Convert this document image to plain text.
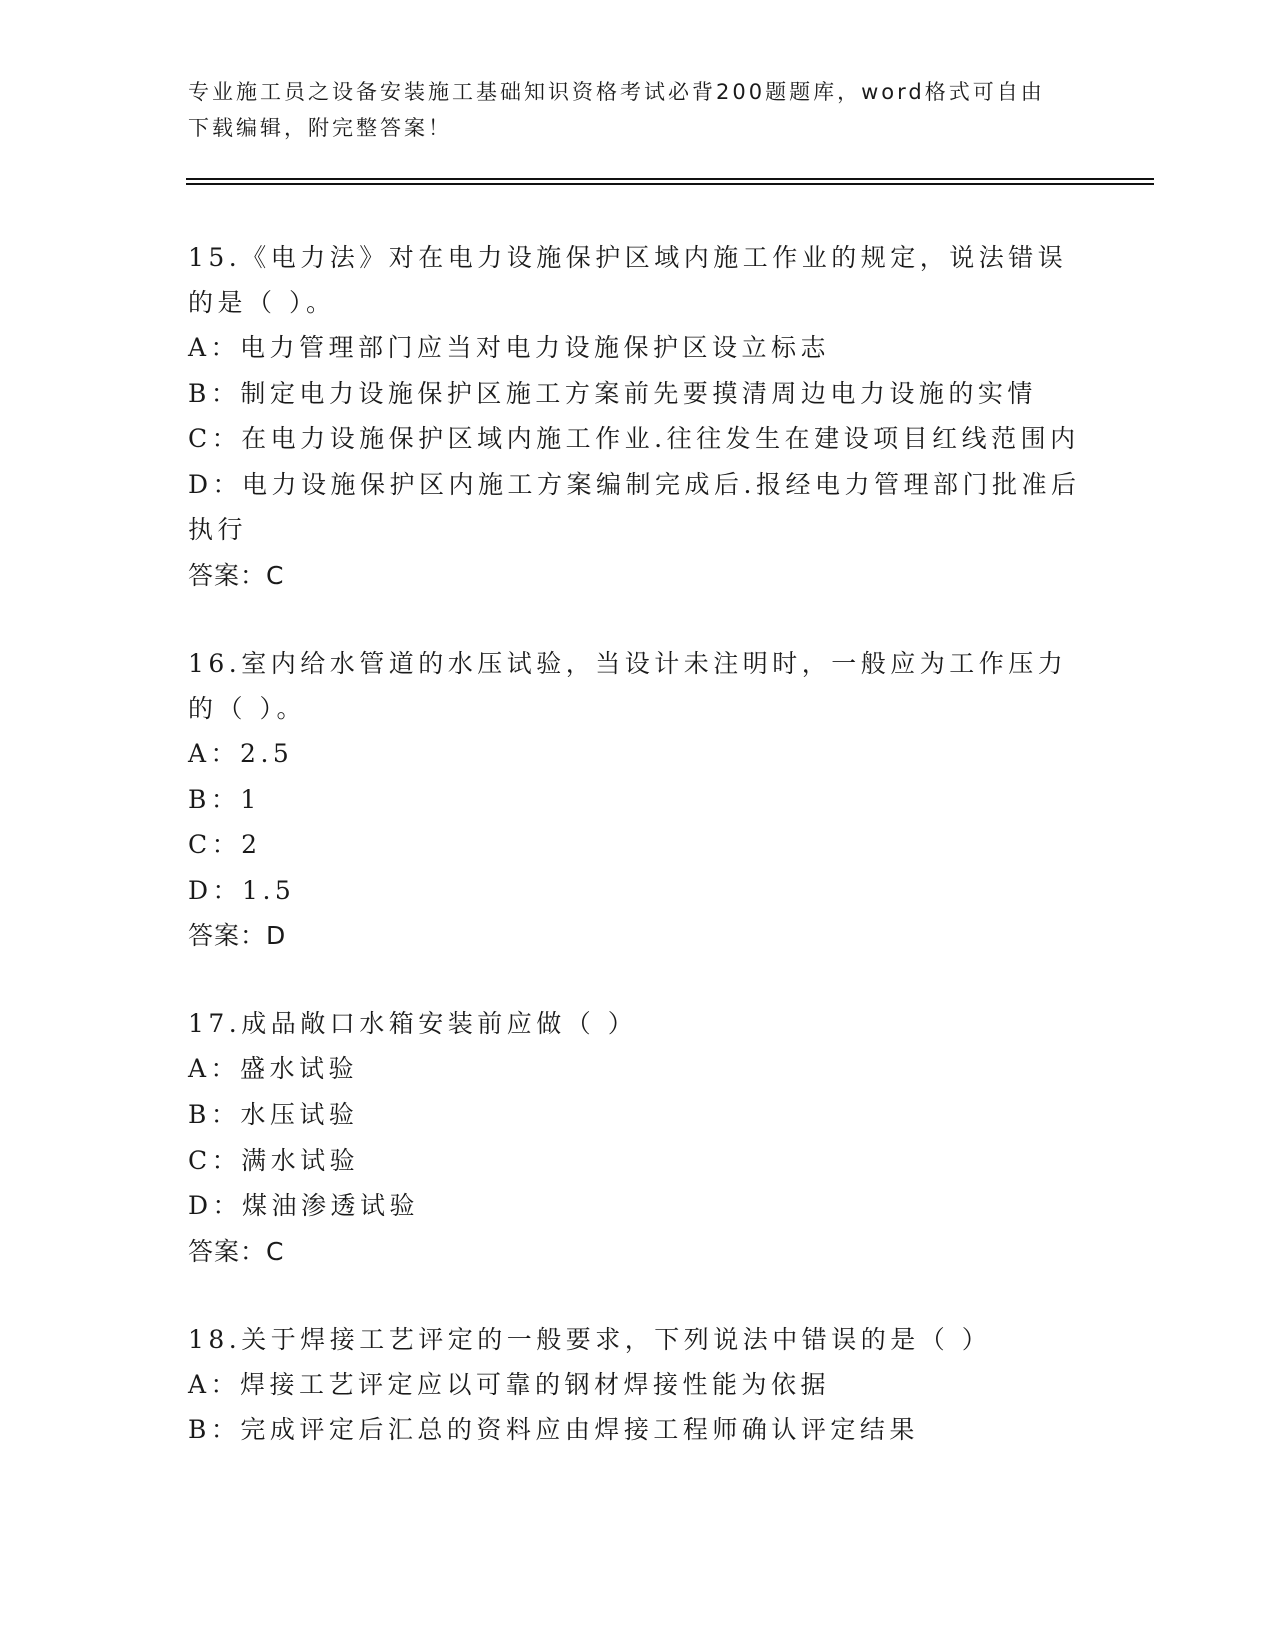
专业施工员之设备安装施工基础知识资格考试必背200题题库，word格式可自由下载编辑，附完整答案！
15.《电力法》对在电力设施保护区域内施工作业的规定，说法错误的是（ ）。
A：电力管理部门应当对电力设施保护区设立标志
B：制定电力设施保护区施工方案前先要摸清周边电力设施的实情
C：在电力设施保护区域内施工作业.往往发生在建设项目红线范围内
D：电力设施保护区内施工方案编制完成后.报经电力管理部门批准后执行
答案：C
16.室内给水管道的水压试验，当设计未注明时，一般应为工作压力的（ ）。
A：2.5
B：1
C：2
D：1.5
答案：D
17.成品敞口水箱安装前应做（ ）
A：盛水试验
B：水压试验
C：满水试验
D：煤油渗透试验
答案：C
18.关于焊接工艺评定的一般要求，下列说法中错误的是（ ）
A：焊接工艺评定应以可靠的钢材焊接性能为依据
B：完成评定后汇总的资料应由焊接工程师确认评定结果
